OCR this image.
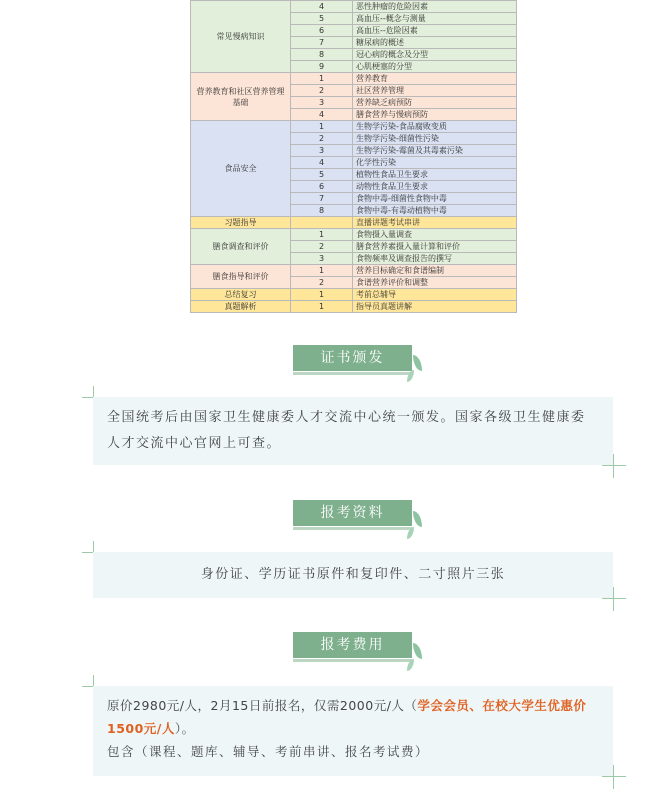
常见慢病知识	4	恶性肿瘤的危险因素
	5	高血压--概念与测量
	6	高血压--危险因素
	7	糖尿病的概述
	8	冠心病的概念及分型
	9	心肌梗塞的分型
营养教育和社区营养管理基础	1	营养教育
	2	社区营养管理
	3	营养缺乏病预防
	4	膳食营养与慢病预防
食品安全	1	生物学污染-食品腐败变质
	2	生物学污染-细菌性污染
	3	生物学污染-霉菌及其毒素污染
	4	化学性污染
	5	植物性食品卫生要求
	6	动物性食品卫生要求
	7	食物中毒-细菌性食物中毒
	8	食物中毒-有毒动植物中毒
习题指导		直播讲题考试串讲
膳食调查和评价	1	食物摄入量调查
	2	膳食营养素摄入量计算和评价
	3	食物频率及调查报告的撰写
膳食指导和评价	1	营养目标确定和食谱编制
	2	食谱营养评价和调整
总结复习	1	考前总辅导
真题解析	1	指导员真题讲解
证书颁发
全国统考后由国家卫生健康委人才交流中心统一颁发。国家各级卫生健康委人才交流中心官网上可查。
报考资料
身份证、学历证书原件和复印件、二寸照片三张
报考费用
原价2980元/人，2月15日前报名，仅需2000元/人（学会会员、在校大学生优惠价1500元/人）。
包含（课程、题库、辅导、考前串讲、报名考试费）
